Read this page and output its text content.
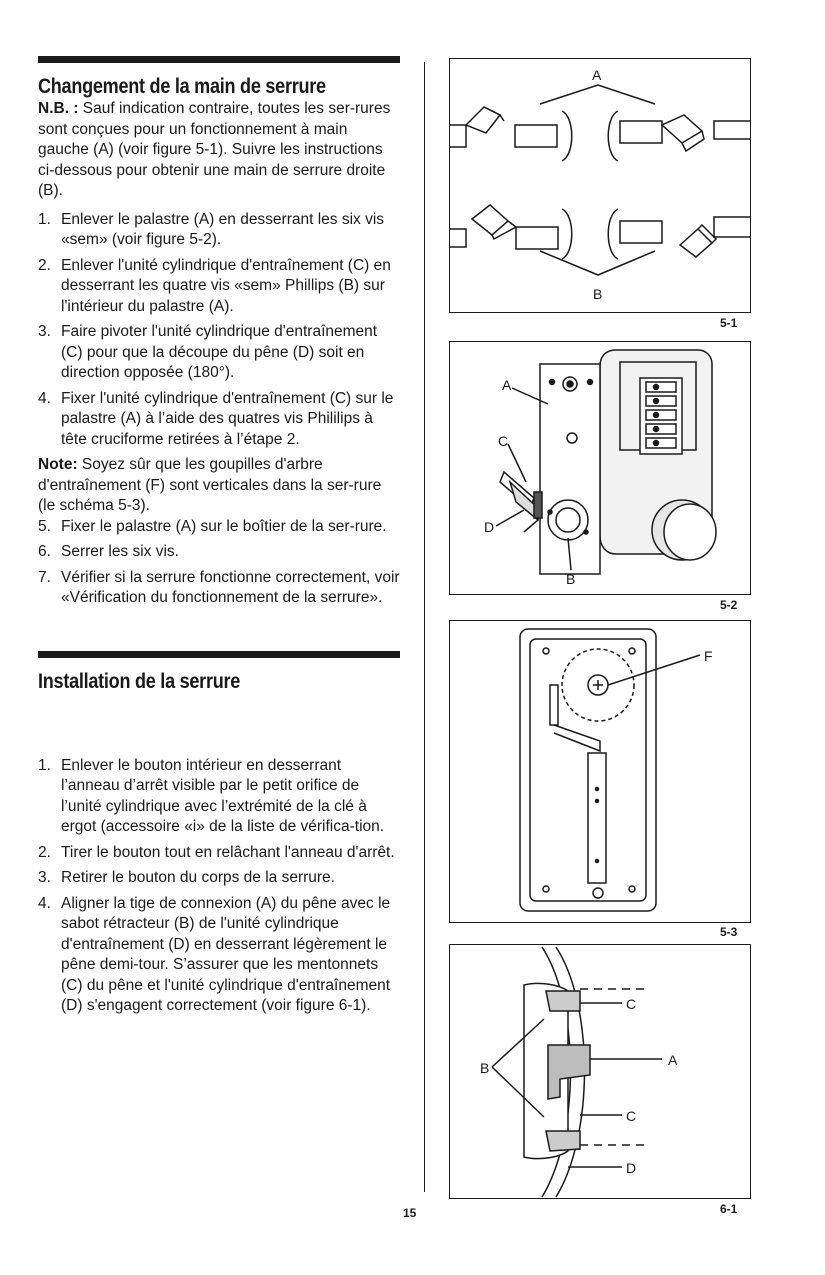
Changement de la main de serrure

N.B. : Sauf indication contraire, toutes les ser-rures sont conçues pour un fonctionnement à main gauche (A) (voir figure 5-1). Suivre les instructions ci-dessous pour obtenir une main de serrure droite (B).

1. Enlever le palastre (A) en desserrant les six vis «sem» (voir figure 5-2).
2. Enlever l'unité cylindrique d'entraînement (C) en desserrant les quatre vis «sem» Phillips (B) sur l'intérieur du palastre (A).
3. Faire pivoter l'unité cylindrique d'entraînement (C) pour que la découpe du pêne (D) soit en direction opposée (180°).
4. Fixer l'unité cylindrique d'entraînement (C) sur le palastre (A) à l’aide des quatres vis Phililips à tête cruciforme retirées à l’étape 2.

Note: Soyez sûr que les goupilles d'arbre d'entraînement (F) sont verticales dans la ser-rure (le schéma 5-3).

5. Fixer le palastre (A) sur le boîtier de la ser-rure.
6. Serrer les six vis.
7. Vérifier si la serrure fonctionne correctement, voir «Vérification du fonctionnement de la serrure».
Installation de la serrure
1. Enlever le bouton intérieur en desserrant l’anneau d’arrêt visible par le petit orifice de l’unité cylindrique avec l’extrémité de la clé à ergot (accessoire «i» de la liste de vérifica-tion.
2. Tirer le bouton tout en relâchant l'anneau d'arrêt.
3. Retirer le bouton du corps de la serrure.
4. Aligner la tige de connexion (A) du pêne avec le sabot rétracteur (B) de l'unité cylindrique d'entraînement (D) en desserrant légèrement le pêne demi-tour. S’assurer que les mentonnets (C) du pêne et l'unité cylindrique d'entraînement (D) s'engagent correctement (voir figure 6-1).
15
A
B
5-1
A
C
D
B
5-2
F
5-3
C
A
B
C
D
6-1
